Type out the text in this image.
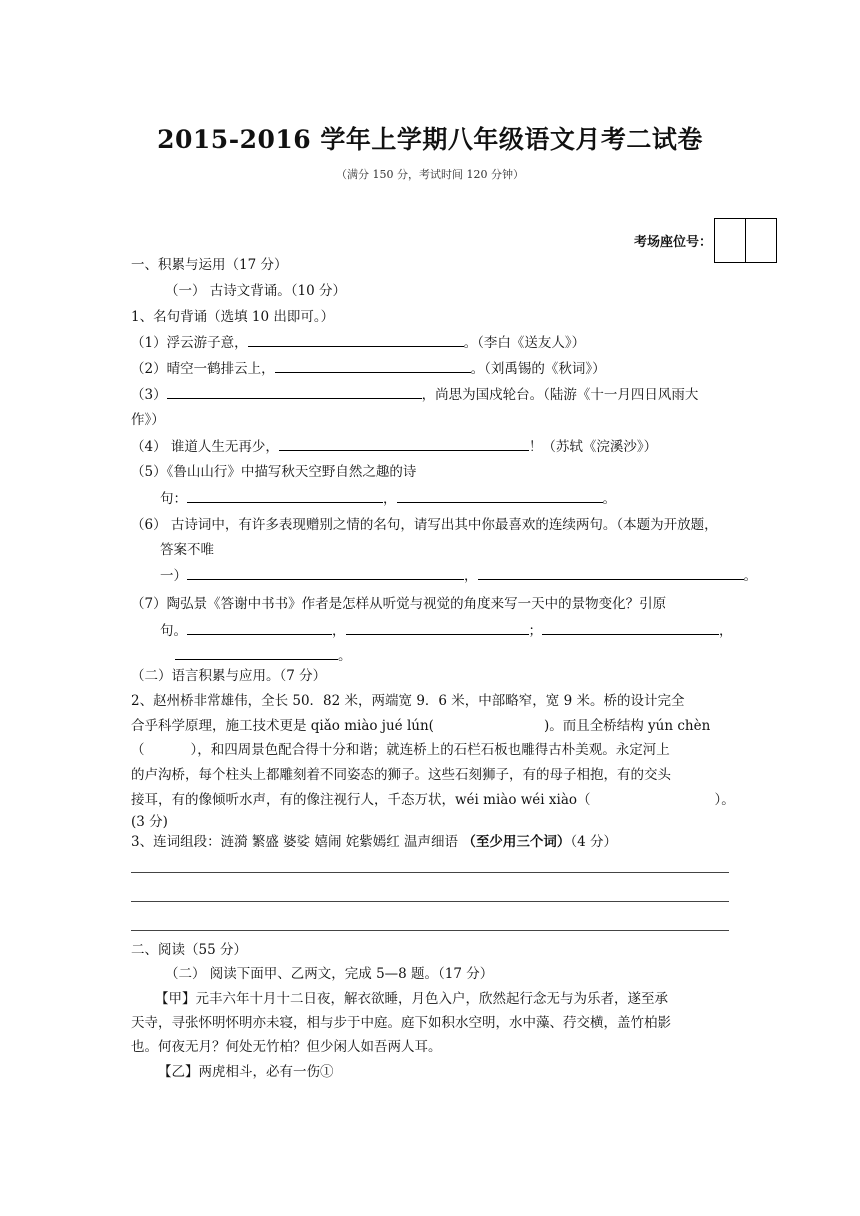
2015-2016 学年上学期八年级语文月考二试卷
（满分 150 分，考试时间 120 分钟）
考场座位号：
一、积累与运用（17 分）
（一） 古诗文背诵。（10 分）
1、名句背诵（选填 10 出即可。）
（1）浮云游子意，	。（李白《送友人》）
（2）晴空一鹤排云上，	。（刘禹锡的《秋词》）
（3）	，尚思为国戍轮台。（陆游《十一月四日风雨大
作》）
（4） 谁道人生无再少，	！（苏轼《浣溪沙》）
（5）《鲁山山行》中描写秋天空野自然之趣的诗
句：	，	。
（6） 古诗词中，有许多表现赠别之情的名句，请写出其中你最喜欢的连续两句。（本题为开放题，
答案不唯
一）	，	。
（7）陶弘景《答谢中书书》作者是怎样从听觉与视觉的角度来写一天中的景物变化？引原
句。	，	；	，
。
（二）语言积累与应用。（7 分）
2、赵州桥非常雄伟，全长 50．82 米，两端宽 9．6 米，中部略窄，宽 9 米。桥的设计完全
合乎科学原理，施工技术更是 qiǎo miào jué lún(	)。而且全桥结构 yún chèn
（	），和四周景色配合得十分和谐；就连桥上的石栏石板也雕得古朴美观。永定河上
的卢沟桥，每个柱头上都雕刻着不同姿态的狮子。这些石刻狮子，有的母子相抱，有的交头
接耳，有的像倾听水声，有的像注视行人，千态万状，wéi miào wéi xiào（	）。
(3 分)
3、连词组段：涟漪 繁盛 婆娑 嬉闹 姹紫嫣红 温声细语 （至少用三个词）（4 分）
二、阅读（55 分）
（二） 阅读下面甲、乙两文，完成 5—8 题。（17 分）
【甲】元丰六年十月十二日夜，解衣欲睡，月色入户，欣然起行念无与为乐者，遂至承
天寺，寻张怀明怀明亦未寝，相与步于中庭。庭下如积水空明，水中藻、荇交横，盖竹柏影
也。何夜无月？何处无竹柏？但少闲人如吾两人耳。
【乙】两虎相斗，必有一伤①
